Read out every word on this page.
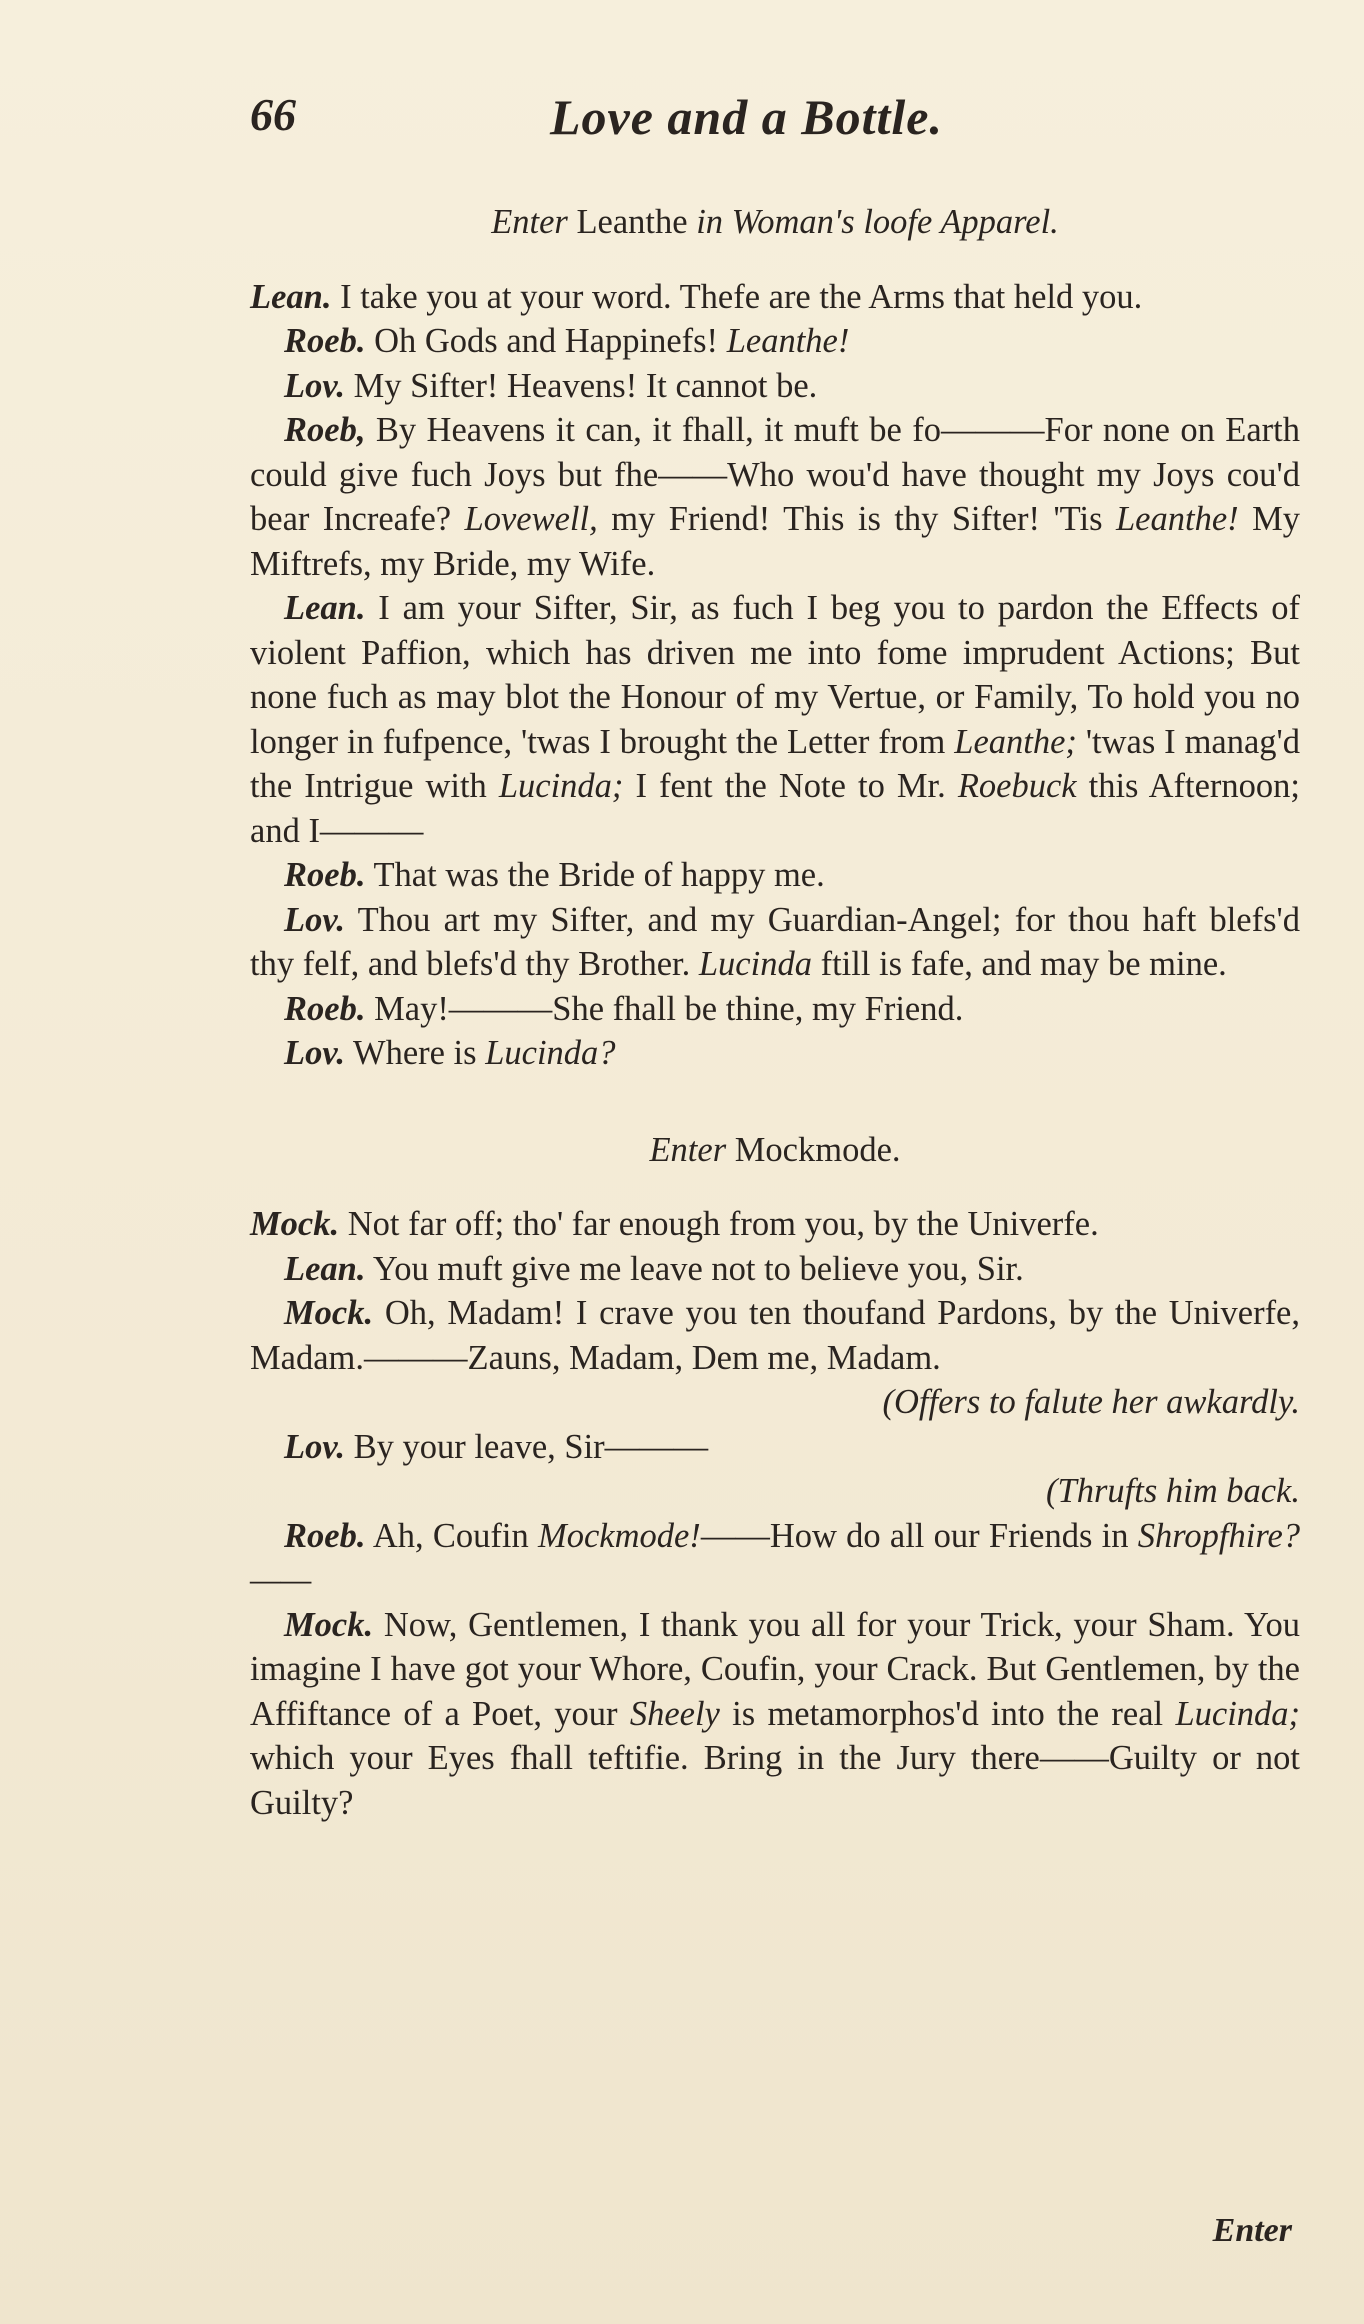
66	Love and a Bottle.

Enter Leanthe in Woman's loofe Apparel.

Lean. I take you at your word. Thefe are the Arms that held you.

Roeb. Oh Gods and Happinefs! Leanthe!

Lov. My Sifter! Heavens! It cannot be.

Roeb, By Heavens it can, it fhall, it muft be fo———For none on Earth could give fuch Joys but fhe——Who wou'd have thought my Joys cou'd bear Increafe? Lovewell, my Friend! This is thy Sifter! 'Tis Leanthe! My Miftrefs, my Bride, my Wife.

Lean. I am your Sifter, Sir, as fuch I beg you to pardon the Effects of violent Paffion, which has driven me into fome imprudent Actions; But none fuch as may blot the Honour of my Vertue, or Family, To hold you no longer in fufpence, 'twas I brought the Letter from Leanthe; 'twas I manag'd the Intrigue with Lucinda; I fent the Note to Mr. Roebuck this Afternoon; and I———

Roeb. That was the Bride of happy me.

Lov. Thou art my Sifter, and my Guardian-Angel; for thou haft blefs'd thy felf, and blefs'd thy Brother. Lucinda ftill is fafe, and may be mine.

Roeb. May!———She fhall be thine, my Friend.

Lov. Where is Lucinda?

Enter Mockmode.

Mock. Not far off; tho' far enough from you, by the Univerfe.

Lean. You muft give me leave not to believe you, Sir.

Mock. Oh, Madam! I crave you ten thoufand Pardons, by the Univerfe, Madam.———Zauns, Madam, Dem me, Madam.

(Offers to falute her awkardly.

Lov. By your leave, Sir———

(Thrufts him back.

Roeb. Ah, Coufin Mockmode!——How do all our Friends in Shropfhire?——

Mock. Now, Gentlemen, I thank you all for your Trick, your Sham. You imagine I have got your Whore, Coufin, your Crack. But Gentlemen, by the Affiftance of a Poet, your Sheely is metamorphos'd into the real Lucinda; which your Eyes fhall teftifie. Bring in the Jury there——Guilty or not Guilty?

Enter
